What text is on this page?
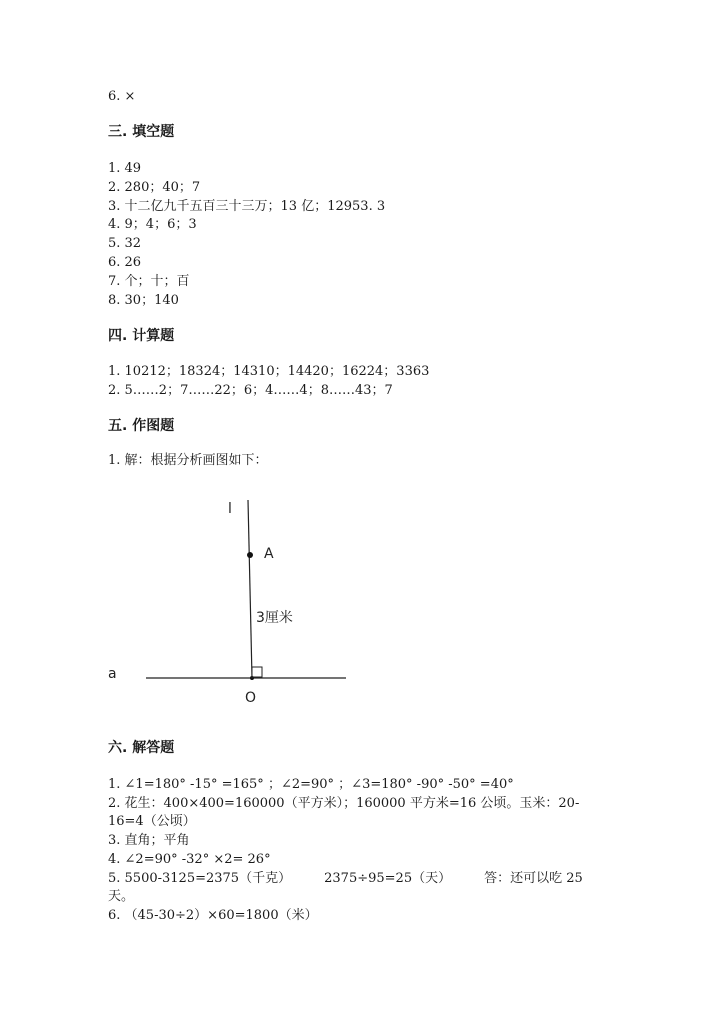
6. ×
三. 填空题
1. 49
2. 280；40；7
3. 十二亿九千五百三十三万；13 亿；12953. 3
4. 9；4；6；3
5. 32
6. 26
7. 个；十；百
8. 30；140
四. 计算题
1. 10212；18324；14310；14420；16224；3363
2. 5……2；7……22；6；4……4；8……43；7
五. 作图题
1. 解：根据分析画图如下：
l
A
3厘米
a
O
六. 解答题
1. ∠1=180° -15° =165° ；∠2=90° ；∠3=180° -90° -50° =40°
2. 花生：400×400=160000（平方米）；160000 平方米=16 公顷。玉米：20-
16=4（公顷）
3. 直角；平角
4. ∠2=90° -32° ×2= 26°
5. 5500-3125=2375（千克）        2375÷95=25（天）        答：还可以吃 25
天。
6. （45-30÷2）×60=1800（米）
